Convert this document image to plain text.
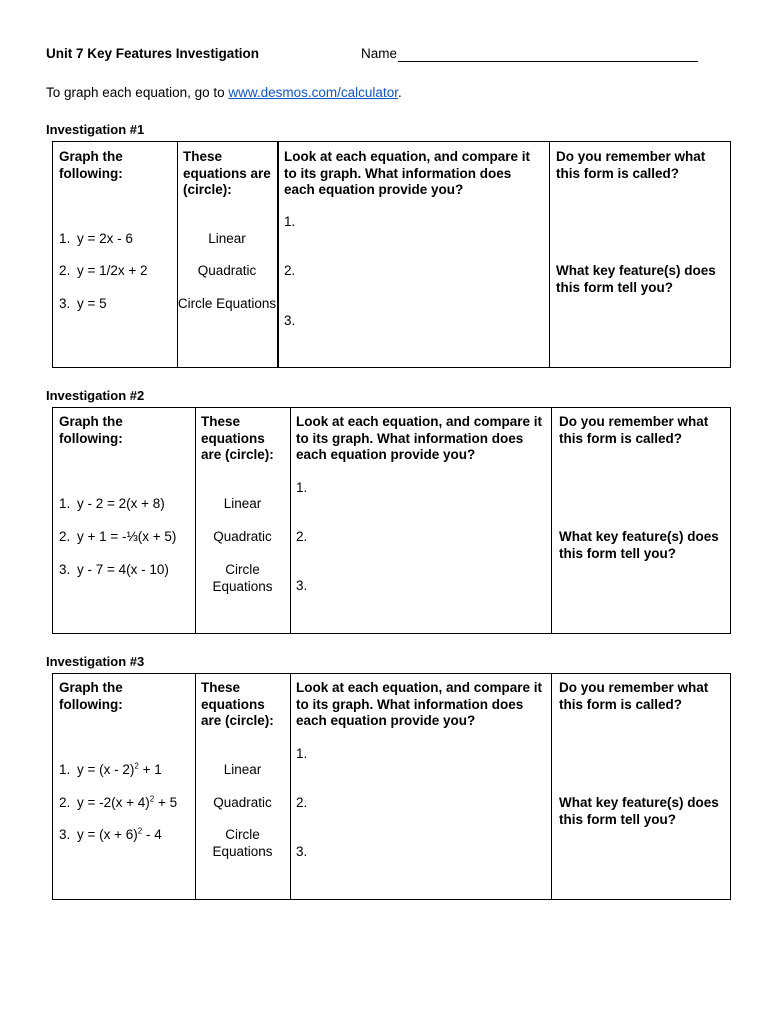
Unit 7 Key Features Investigation	Name
To graph each equation, go to www.desmos.com/calculator.
Investigation #1
Graph the following:
These equations are (circle):
Look at each equation, and compare it to its graph. What information does each equation provide you?
Do you remember what this form is called?
What key feature(s) does this form tell you?
1. y = 2x - 6
2. y = 1/2x + 2
3. y = 5
Linear
Quadratic
Circle Equations
1.
2.
3.
Investigation #2
Graph the following:
These equations are (circle):
Look at each equation, and compare it to its graph. What information does each equation provide you?
Do you remember what this form is called?
What key feature(s) does this form tell you?
1. y - 2 = 2(x + 8)
2. y + 1 = -⅓(x + 5)
3. y - 7 = 4(x - 10)
Linear
Quadratic
Circle Equations
1.
2.
3.
Investigation #3
Graph the following:
These equations are (circle):
Look at each equation, and compare it to its graph. What information does each equation provide you?
Do you remember what this form is called?
What key feature(s) does this form tell you?
1. y = (x - 2)$^2$ + 1
2. $y = -2(x + 4)^2 + 5$
3. $y = (x + 6)^2 - 4$
Linear
Quadratic
Circle Equations
1.
2.
3.
